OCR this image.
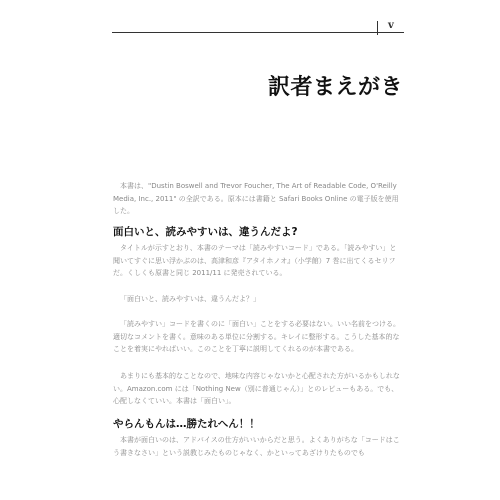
v
訳者まえがき

本書は、"Dustin Boswell and Trevor Foucher, The Art of Readable Code, O'Reilly Media, Inc., 2011" の全訳である。原本には書籍と Safari Books Online の電子版を使用した。

面白いと、読みやすいは、違うんだよ?

タイトルが示すとおり、本書のテーマは「読みやすいコード」である。「読みやすい」と聞いてすぐに思い浮かぶのは、高津和彦『アタイホノオ』（小学館）7 巻に出てくるセリフだ。くしくも原書と同じ 2011/11 に発売されている。

「面白いと、読みやすいは、違うんだよ？」

「読みやすい」コードを書くのに「面白い」ことをする必要はない。いい名前をつける。適切なコメントを書く。意味のある単位に分割する。キレイに整形する。こうした基本的なことを着実にやればいい。このことを丁寧に説明してくれるのが本書である。

あまりにも基本的なことなので、地味な内容じゃないかと心配された方がいるかもしれない。Amazon.com には「Nothing New（別に普通じゃん）」とのレビューもある。でも、心配しなくていい。本書は「面白い」。

やらんもんは…勝たれへん！！

本書が面白いのは、アドバイスの仕方がいいからだと思う。よくありがちな「コードはこう書きなさい」という説教じみたものじゃなく、かといってあざけりたものでも
